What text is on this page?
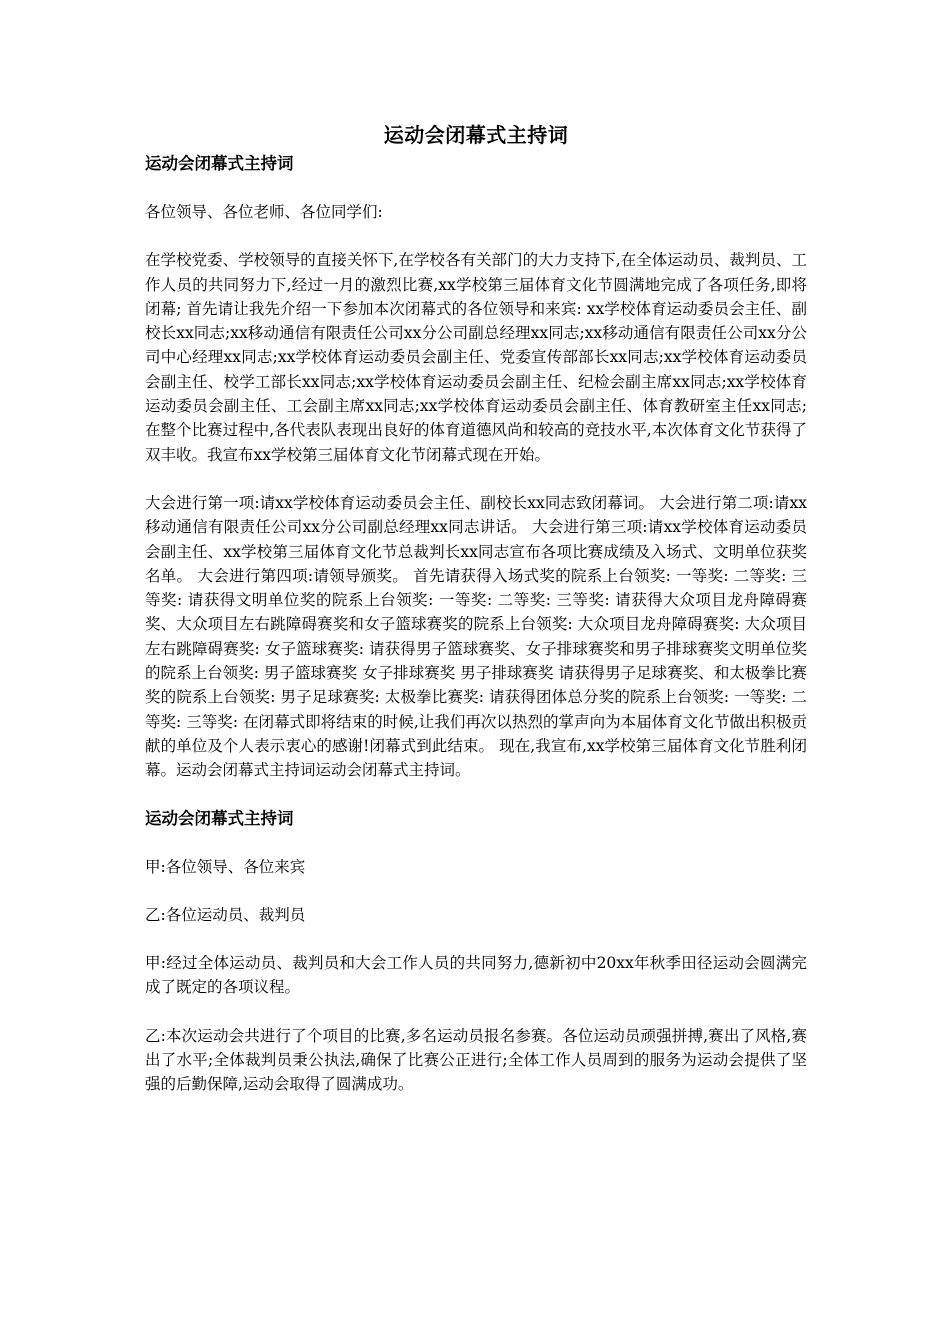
运动会闭幕式主持词
运动会闭幕式主持词

各位领导、各位老师、各位同学们:

在学校党委、学校领导的直接关怀下,在学校各有关部门的大力支持下,在全体运动员、裁判员、工作人员的共同努力下,经过一月的激烈比赛,xx学校第三届体育文化节圆满地完成了各项任务,即将闭幕; 首先请让我先介绍一下参加本次闭幕式的各位领导和来宾: xx学校体育运动委员会主任、副校长xx同志;xx移动通信有限责任公司xx分公司副总经理xx同志;xx移动通信有限责任公司xx分公司中心经理xx同志;xx学校体育运动委员会副主任、党委宣传部部长xx同志;xx学校体育运动委员会副主任、校学工部长xx同志;xx学校体育运动委员会副主任、纪检会副主席xx同志;xx学校体育运动委员会副主任、工会副主席xx同志;xx学校体育运动委员会副主任、体育教研室主任xx同志; 在整个比赛过程中,各代表队表现出良好的体育道德风尚和较高的竞技水平,本次体育文化节获得了双丰收。我宣布xx学校第三届体育文化节闭幕式现在开始。

大会进行第一项:请xx学校体育运动委员会主任、副校长xx同志致闭幕词。 大会进行第二项:请xx移动通信有限责任公司xx分公司副总经理xx同志讲话。 大会进行第三项:请xx学校体育运动委员会副主任、xx学校第三届体育文化节总裁判长xx同志宣布各项比赛成绩及入场式、文明单位获奖名单。 大会进行第四项:请领导颁奖。 首先请获得入场式奖的院系上台领奖: 一等奖: 二等奖: 三等奖: 请获得文明单位奖的院系上台领奖: 一等奖: 二等奖: 三等奖: 请获得大众项目龙舟障碍赛奖、大众项目左右跳障碍赛奖和女子篮球赛奖的院系上台领奖: 大众项目龙舟障碍赛奖: 大众项目左右跳障碍赛奖: 女子篮球赛奖: 请获得男子篮球赛奖、女子排球赛奖和男子排球赛奖文明单位奖的院系上台领奖: 男子篮球赛奖 女子排球赛奖 男子排球赛奖 请获得男子足球赛奖、和太极拳比赛奖的院系上台领奖: 男子足球赛奖: 太极拳比赛奖: 请获得团体总分奖的院系上台领奖: 一等奖: 二等奖: 三等奖: 在闭幕式即将结束的时候,让我们再次以热烈的掌声向为本届体育文化节做出积极贡献的单位及个人表示衷心的感谢!闭幕式到此结束。 现在,我宣布,xx学校第三届体育文化节胜利闭幕。运动会闭幕式主持词运动会闭幕式主持词。

运动会闭幕式主持词

甲:各位领导、各位来宾

乙:各位运动员、裁判员

甲:经过全体运动员、裁判员和大会工作人员的共同努力,德新初中20xx年秋季田径运动会圆满完成了既定的各项议程。

乙:本次运动会共进行了个项目的比赛,多名运动员报名参赛。各位运动员顽强拼搏,赛出了风格,赛出了水平;全体裁判员秉公执法,确保了比赛公正进行;全体工作人员周到的服务为运动会提供了坚强的后勤保障,运动会取得了圆满成功。
